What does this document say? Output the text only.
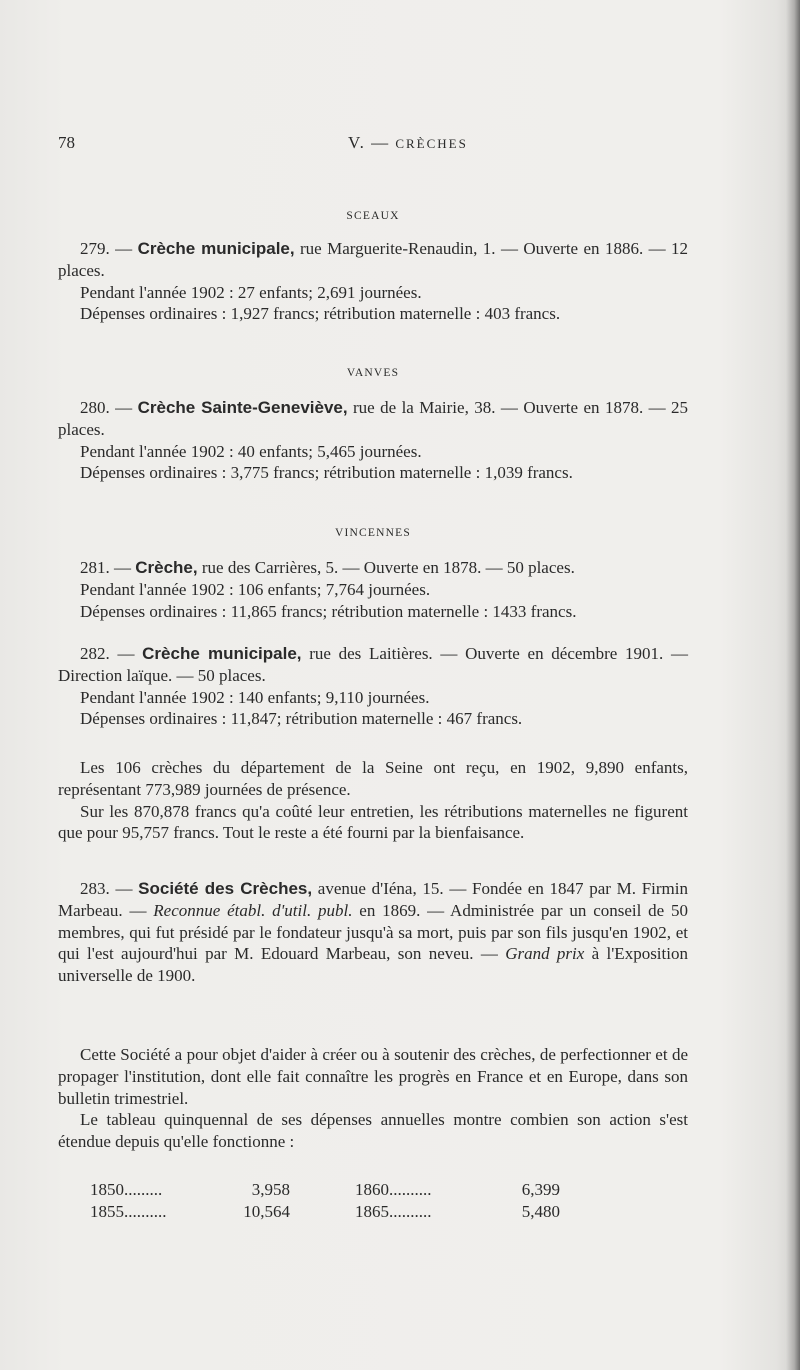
78	V. — CRÈCHES

SCEAUX

279. — Crèche municipale, rue Marguerite-Renaudin, 1. — Ouverte en 1886. — 12 places.

Pendant l'année 1902 : 27 enfants; 2,691 journées.

Dépenses ordinaires : 1,927 francs; rétribution maternelle : 403 francs.

VANVES

280. — Crèche Sainte-Geneviève, rue de la Mairie, 38. — Ouverte en 1878. — 25 places.

Pendant l'année 1902 : 40 enfants; 5,465 journées.

Dépenses ordinaires : 3,775 francs; rétribution maternelle : 1,039 francs.

VINCENNES

281. — Crèche, rue des Carrières, 5. — Ouverte en 1878. — 50 places.

Pendant l'année 1902 : 106 enfants; 7,764 journées.

Dépenses ordinaires : 11,865 francs; rétribution maternelle : 1433 francs.

282. — Crèche municipale, rue des Laitières. — Ouverte en décembre 1901. — Direction laïque. — 50 places.

Pendant l'année 1902 : 140 enfants; 9,110 journées.

Dépenses ordinaires : 11,847; rétribution maternelle : 467 francs.

Les 106 crèches du département de la Seine ont reçu, en 1902, 9,890 enfants, représentant 773,989 journées de présence.

Sur les 870,878 francs qu'a coûté leur entretien, les rétributions maternelles ne figurent que pour 95,757 francs. Tout le reste a été fourni par la bienfaisance.

283. — Société des Crèches, avenue d'Iéna, 15. — Fondée en 1847 par M. Firmin Marbeau. — Reconnue établ. d'util. publ. en 1869. — Administrée par un conseil de 50 membres, qui fut présidé par le fondateur jusqu'à sa mort, puis par son fils jusqu'en 1902, et qui l'est aujourd'hui par M. Edouard Marbeau, son neveu. — Grand prix à l'Exposition universelle de 1900.

Cette Société a pour objet d'aider à créer ou à soutenir des crèches, de perfectionner et de propager l'institution, dont elle fait connaître les progrès en France et en Europe, dans son bulletin trimestriel.

Le tableau quinquennal de ses dépenses annuelles montre combien son action s'est étendue depuis qu'elle fonctionne :

1850.........	3,958	1860..........	6,399
1855..........	10,564	1865..........	5,480
